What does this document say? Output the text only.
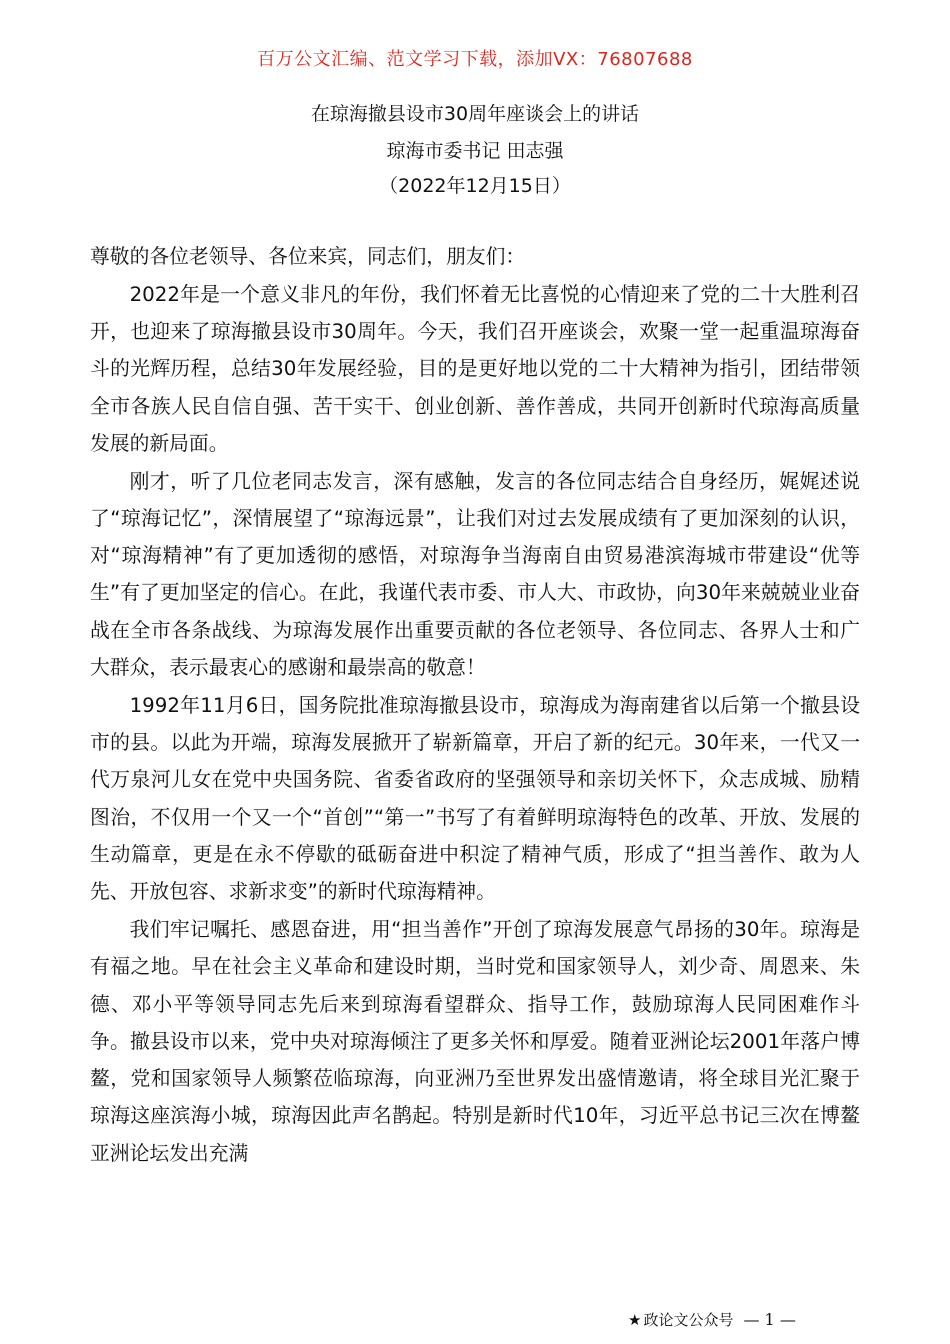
百万公文汇编、范文学习下载，添加VX：76807688
在琼海撤县设市30周年座谈会上的讲话
琼海市委书记 田志强
（2022年12月15日）

尊敬的各位老领导、各位来宾，同志们，朋友们：

2022年是一个意义非凡的年份，我们怀着无比喜悦的心情迎来了党的二十大胜利召开，也迎来了琼海撤县设市30周年。今天，我们召开座谈会，欢聚一堂一起重温琼海奋斗的光辉历程，总结30年发展经验，目的是更好地以党的二十大精神为指引，团结带领全市各族人民自信自强、苦干实干、创业创新、善作善成，共同开创新时代琼海高质量发展的新局面。

刚才，听了几位老同志发言，深有感触，发言的各位同志结合自身经历，娓娓述说了“琼海记忆”，深情展望了“琼海远景”，让我们对过去发展成绩有了更加深刻的认识，对“琼海精神”有了更加透彻的感悟，对琼海争当海南自由贸易港滨海城市带建设“优等生”有了更加坚定的信心。在此，我谨代表市委、市人大、市政协，向30年来兢兢业业奋战在全市各条战线、为琼海发展作出重要贡献的各位老领导、各位同志、各界人士和广大群众，表示最衷心的感谢和最崇高的敬意！

1992年11月6日，国务院批准琼海撤县设市，琼海成为海南建省以后第一个撤县设市的县。以此为开端，琼海发展掀开了崭新篇章，开启了新的纪元。30年来，一代又一代万泉河儿女在党中央国务院、省委省政府的坚强领导和亲切关怀下，众志成城、励精图治，不仅用一个又一个“首创”“第一”书写了有着鲜明琼海特色的改革、开放、发展的生动篇章，更是在永不停歇的砥砺奋进中积淀了精神气质，形成了“担当善作、敢为人先、开放包容、求新求变”的新时代琼海精神。

我们牢记嘱托、感恩奋进，用“担当善作”开创了琼海发展意气昂扬的30年。琼海是有福之地。早在社会主义革命和建设时期，当时党和国家领导人，刘少奇、周恩来、朱德、邓小平等领导同志先后来到琼海看望群众、指导工作，鼓励琼海人民同困难作斗争。撤县设市以来，党中央对琼海倾注了更多关怀和厚爱。随着亚洲论坛2001年落户博鳌，党和国家领导人频繁莅临琼海，向亚洲乃至世界发出盛情邀请，将全球目光汇聚于琼海这座滨海小城，琼海因此声名鹊起。特别是新时代10年，习近平总书记三次在博鳌亚洲论坛发出充满

★ 政论文公众号 — 1 —
